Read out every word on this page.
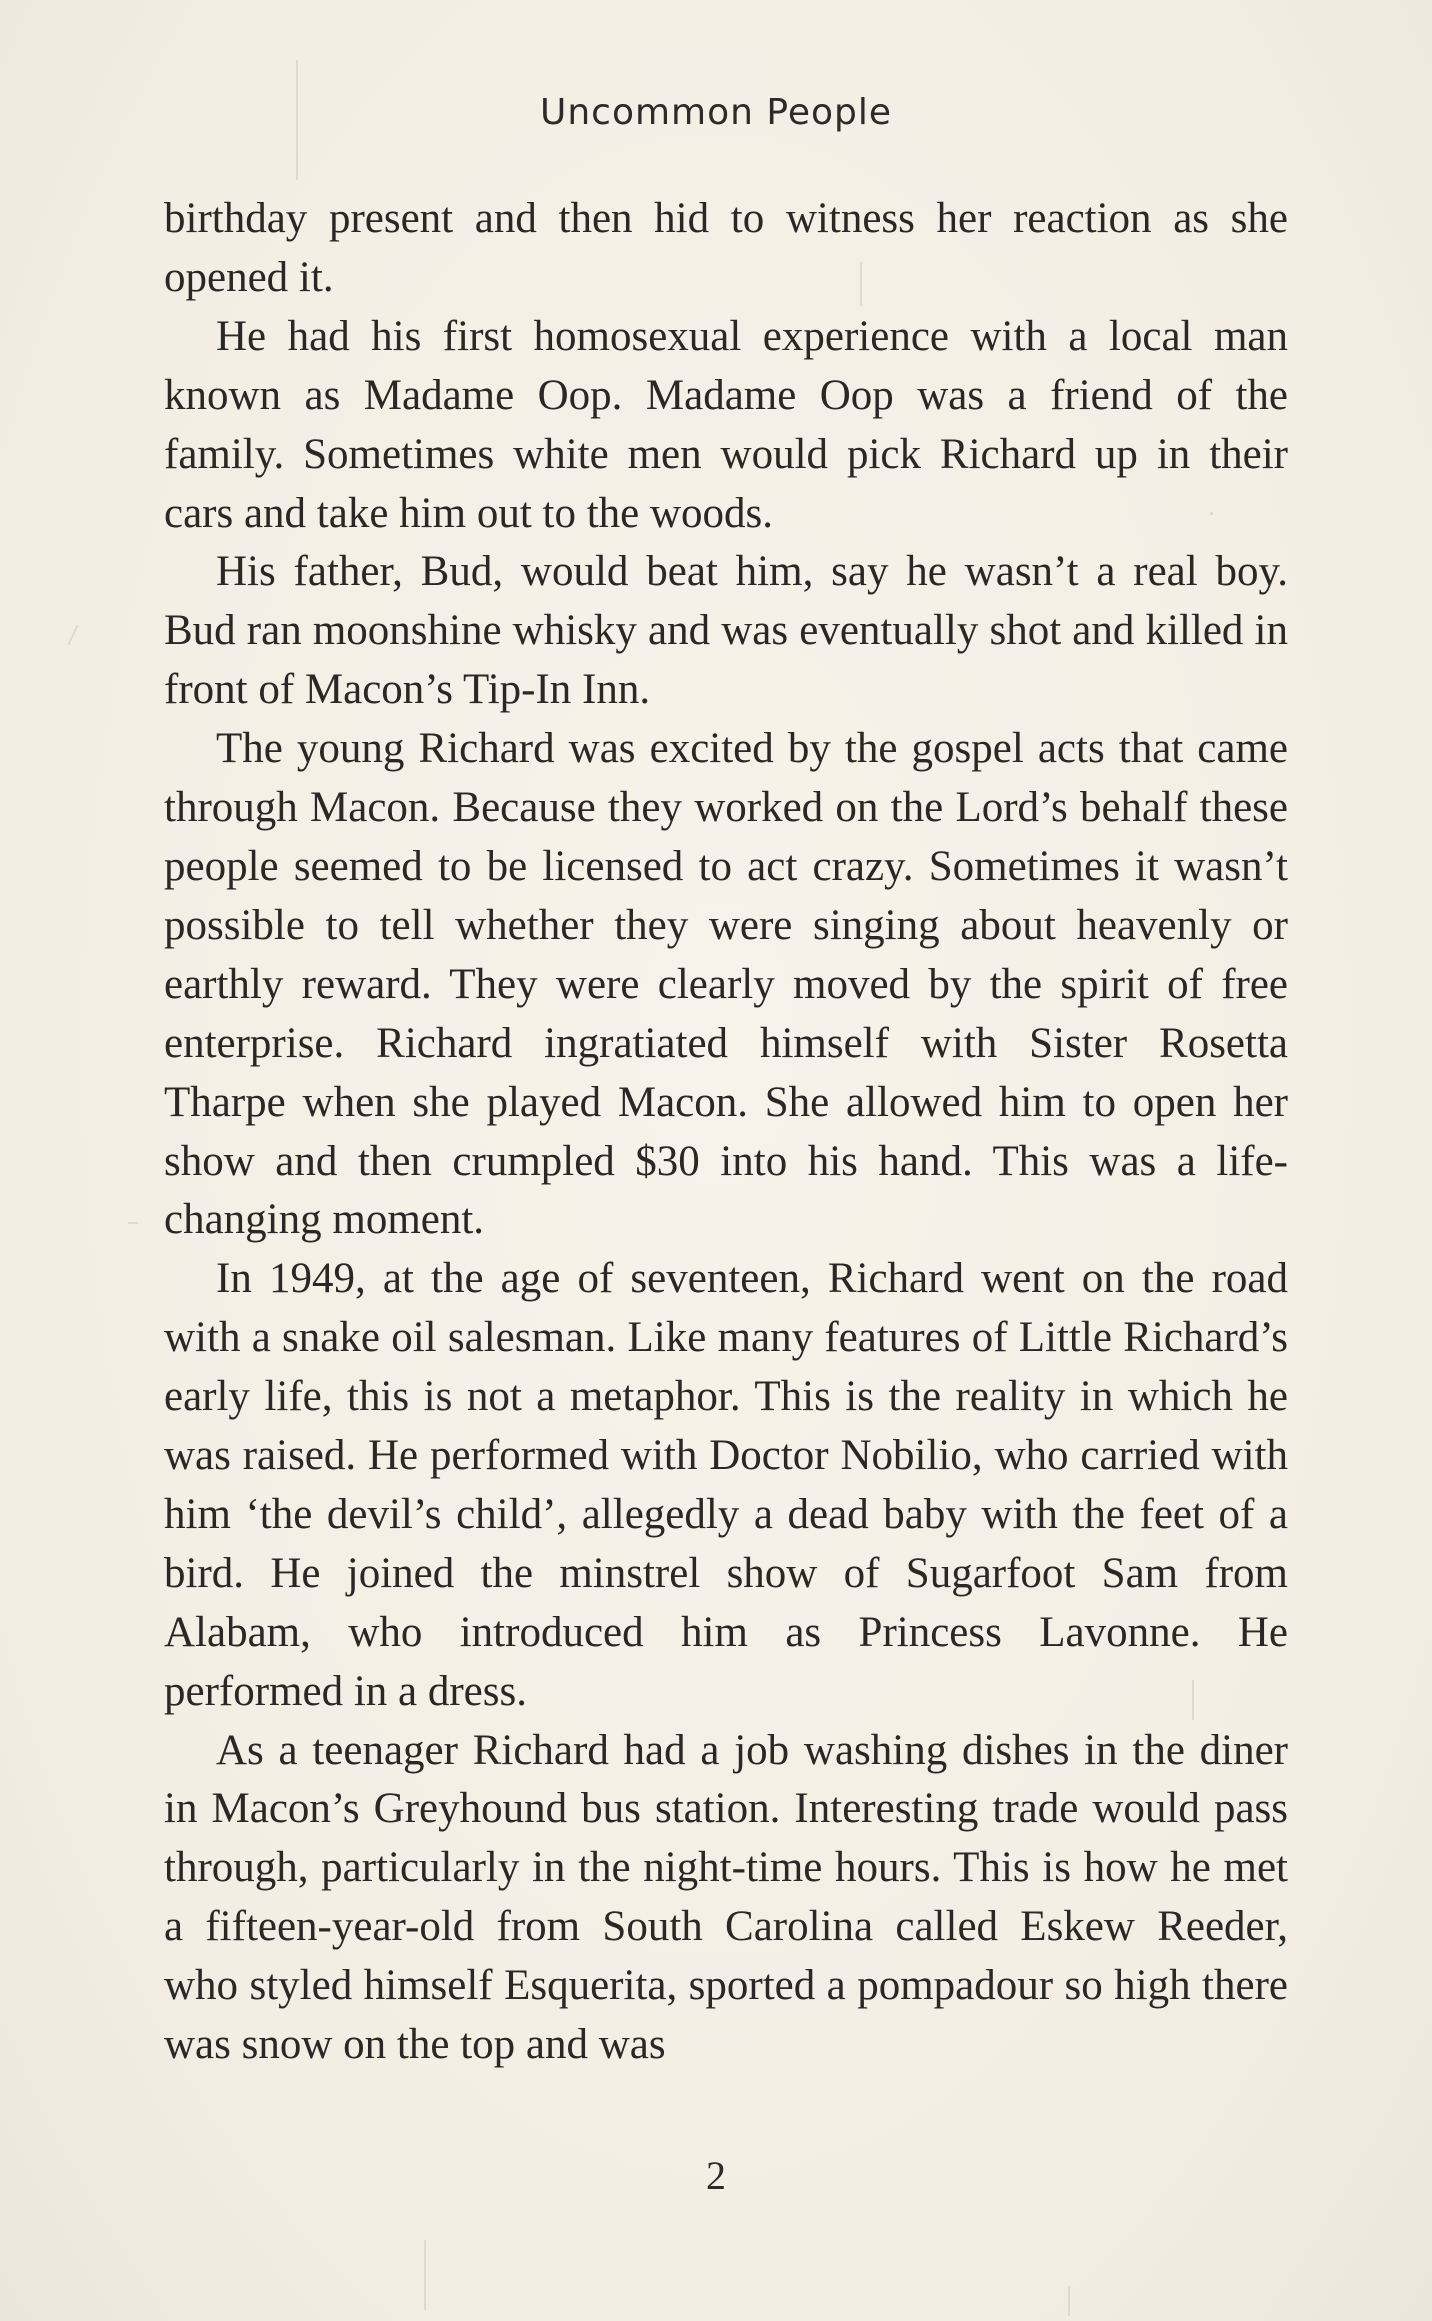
Uncommon People

birthday present and then hid to witness her reaction as she opened it.

He had his first homosexual experience with a local man known as Madame Oop. Madame Oop was a friend of the family. Sometimes white men would pick Richard up in their cars and take him out to the woods.

His father, Bud, would beat him, say he wasn’t a real boy. Bud ran moonshine whisky and was eventually shot and killed in front of Macon’s Tip-In Inn.

The young Richard was excited by the gospel acts that came through Macon. Because they worked on the Lord’s behalf these people seemed to be licensed to act crazy. Sometimes it wasn’t possible to tell whether they were singing about heavenly or earthly reward. They were clearly moved by the spirit of free enterprise. Richard ingratiated himself with Sister Rosetta Tharpe when she played Macon. She allowed him to open her show and then crumpled $30 into his hand. This was a life-changing moment.

In 1949, at the age of seventeen, Richard went on the road with a snake oil salesman. Like many features of Little Richard’s early life, this is not a metaphor. This is the reality in which he was raised. He performed with Doctor Nobilio, who carried with him ‘the devil’s child’, allegedly a dead baby with the feet of a bird. He joined the minstrel show of Sugarfoot Sam from Alabam, who introduced him as Princess Lavonne. He performed in a dress.

As a teenager Richard had a job washing dishes in the diner in Macon’s Greyhound bus station. Interesting trade would pass through, particularly in the night-time hours. This is how he met a fifteen-year-old from South Carolina called Eskew Reeder, who styled himself Esquerita, sported a pompadour so high there was snow on the top and was

2
